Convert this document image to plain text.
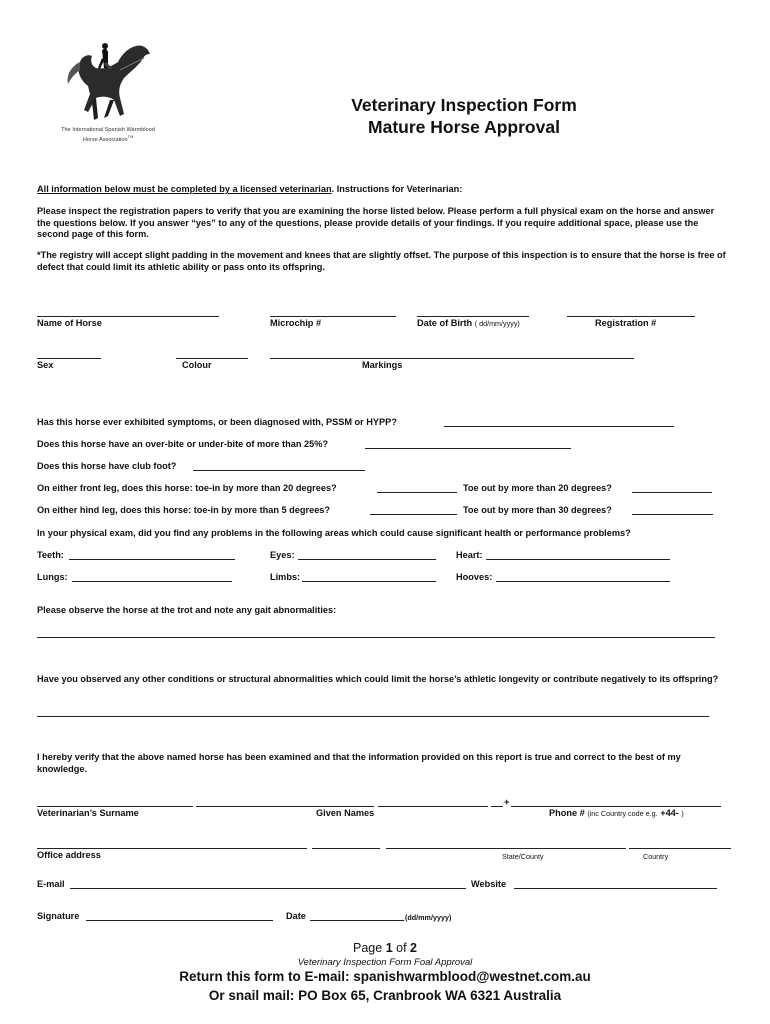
The International Spanish Warmblood
Horse Association™
Veterinary Inspection Form
Mature Horse Approval
All information below must be completed by a licensed veterinarian. Instructions for Veterinarian:
Please inspect the registration papers to verify that you are examining the horse listed below. Please perform a full physical exam on the horse and answer the questions below. If you answer “yes” to any of the questions, please provide details of your findings. If you require additional space, please use the second page of this form.
*The registry will accept slight padding in the movement and knees that are slightly offset. The purpose of this inspection is to ensure that the horse is free of defect that could limit its athletic ability or pass onto its offspring.
Name of Horse	Microchip #	Date of Birth ( dd/mm/yyyy)	Registration #
Sex	Colour	Markings
Has this horse ever exhibited symptoms, or been diagnosed with, PSSM or HYPP?
Does this horse have an over-bite or under-bite of more than 25%?
Does this horse have club foot?
On either front leg, does this horse: toe-in by more than 20 degrees?	Toe out by more than 20 degrees?
On either hind leg, does this horse: toe-in by more than 5 degrees?	Toe out by more than 30 degrees?
In your physical exam, did you find any problems in the following areas which could cause significant health or performance problems?
Teeth:	Eyes:	Heart:
Lungs:	Limbs:	Hooves:
Please observe the horse at the trot and note any gait abnormalities:
Have you observed any other conditions or structural abnormalities which could limit the horse’s athletic longevity or contribute negatively to its offspring?
I hereby verify that the above named horse has been examined and that the information provided on this report is true and correct to the best of my knowledge.
+
Veterinarian’s Surname	Given Names	Phone # (inc Country code e.g. +44- )
Office address	State/County	Country
E-mail	Website
Signature	Date	(dd/mm/yyyy)
Page 1 of 2
Veterinary Inspection Form Foal Approval
Return this form to E-mail: spanishwarmblood@westnet.com.au
Or snail mail: PO Box 65, Cranbrook WA 6321 Australia
